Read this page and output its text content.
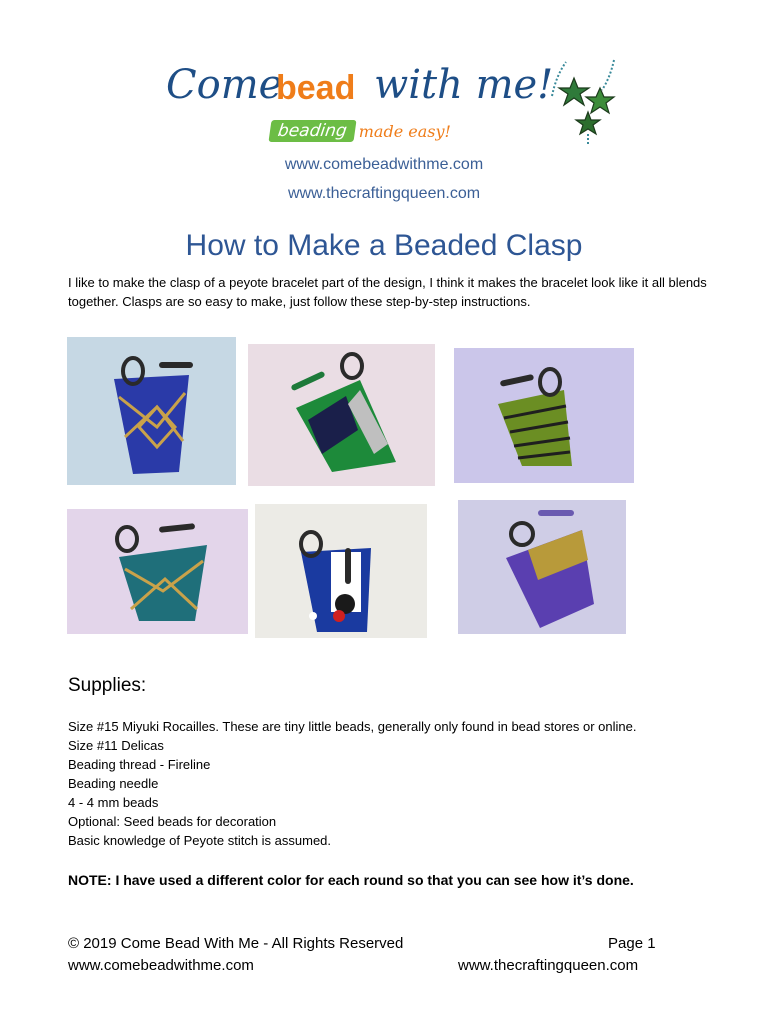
Come
bead with me!
beading made easy!
www.comebeadwithme.com
www.thecraftingqueen.com
How to Make a Beaded Clasp
I like to make the clasp of a peyote bracelet part of the design, I think it makes the bracelet look like it all blends together. Clasps are so easy to make, just follow these step-by-step instructions.
Supplies:
Size #15 Miyuki Rocailles. These are tiny little beads, generally only found in bead stores or online.
Size #11 Delicas
Beading thread - Fireline
Beading needle
4 - 4 mm beads
Optional: Seed beads for decoration
Basic knowledge of Peyote stitch is assumed.
NOTE: I have used a different color for each round so that you can see how it’s done.
© 2019 Come Bead With Me - All Rights Reserved	Page 1
www.comebeadwithme.com	www.thecraftingqueen.com
